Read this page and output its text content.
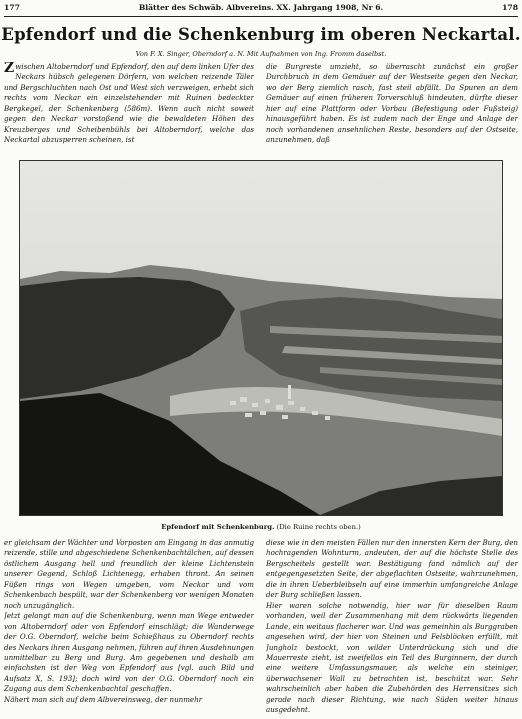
177	Blätter des Schwäb. Albvereins. XX. Jahrgang 1908, Nr 6.	178
Epfendorf und die Schenkenburg im oberen Neckartal.
Von F. X. Singer, Oberndorf a. N. Mit Aufnahmen von Ing. Fromm daselbst.

Zwischen Altoberndorf und Epfendorf, den auf dem linken Ufer des Neckars hübsch gelegenen Dörfern, von welchen reizende Täler und Bergschluchten nach Ost und West sich verzweigen, erhebt sich rechts vom Neckar ein einzelstehender mit Ruinen bedeckter Bergkegel, der Schenkenberg (586m). Wenn auch nicht soweit gegen den Neckar vorstoßend wie die bewaldeten Höhen des Kreuzberges und Scheibenbühls bei Altoberndorf, welche das Neckartal abzusperren scheinen, ist

die Burgreste umzieht, so überrascht zunächst ein großer Durchbruch in dem Gemäuer auf der Westseite gegen den Neckar, wo der Berg ziemlich rasch, fast steil abfällt. Da Spuren an dem Gemäuer auf einen früheren Torverschluß hindeuten, dürfte dieser hier auf eine Plattform oder Vorbau (Befestigung oder Fußsteig) hinausgeführt haben. Es ist zudem nach der Enge und Anlage der noch vorhandenen ansehnlichen Reste, besonders auf der Ostseite, anzunehmen, daß

Epfendorf mit Schenkenburg. (Die Ruine rechts oben.)

er gleichsam der Wächter und Vorposten am Eingang in das anmutig reizende, stille und abgeschiedene Schenkenbachtälchen, auf dessen östlichem Ausgang hell und freundlich der kleine Lichtenstein unserer Gegend, Schloß Lichtenegg, erhaben thront. An seinen Füßen rings von Wegen umgeben, vom Neckar und vom Schenkenbach bespült, war der Schenkenberg vor wenigen Monaten noch unzugänglich.

Jetzt gelangt man auf die Schenkenburg, wenn man Wege entweder von Altoberndorf oder von Epfendorf einschlägt; die Wanderwege der O.G. Oberndorf, welche beim Schießhaus zu Oberndorf rechts des Neckars ihren Ausgang nehmen, führen auf ihren Ausdehnungen unmittelbar zu Berg und Burg. Am gegebenen und deshalb am einfachsten ist der Weg von Epfendorf aus [vgl. auch Bild und Aufsatz X, S. 193]; doch wird von der O.G. Oberndorf noch ein Zugang aus dem Schenkenbachtal geschaffen.

Nähert man sich auf dem Albvereinsweg, der nunmehr

diese wie in den meisten Fällen nur den innersten Kern der Burg, den hochragenden Wohnturm, andeuten, der auf die höchste Stelle des Bergscheitels gestellt war. Bestätigung fand nämlich auf der entgegengesetzten Seite, der abgeflachten Ostseite, wahrzunehmen, die in ihren Ueberbleibseln auf eine immerhin umfangreiche Anlage der Burg schließen lassen.

Hier waren solche notwendig, hier war für dieselben Raum vorhanden, weil der Zusammenhang mit dem rückwärts liegenden Lande, ein weitaus flacherer war. Und was gemeinhin als Burggraben angesehen wird, der hier von Steinen und Felsblöcken erfüllt, mit Jungholz bestockt, von wilder Unterdrückung sich und die Mauerreste zieht, ist zweifellos ein Teil des Burginnern, der durch eine weitere Umfassungsmauer, als welche ein steiniger, überwachsener Wall zu betrachten ist, beschützt war. Sehr wahrscheinlich aber haben die Zubehörden des Herrensitzes sich gerade nach dieser Richtung, wie nach Süden weiter hinaus ausgedehnt.
